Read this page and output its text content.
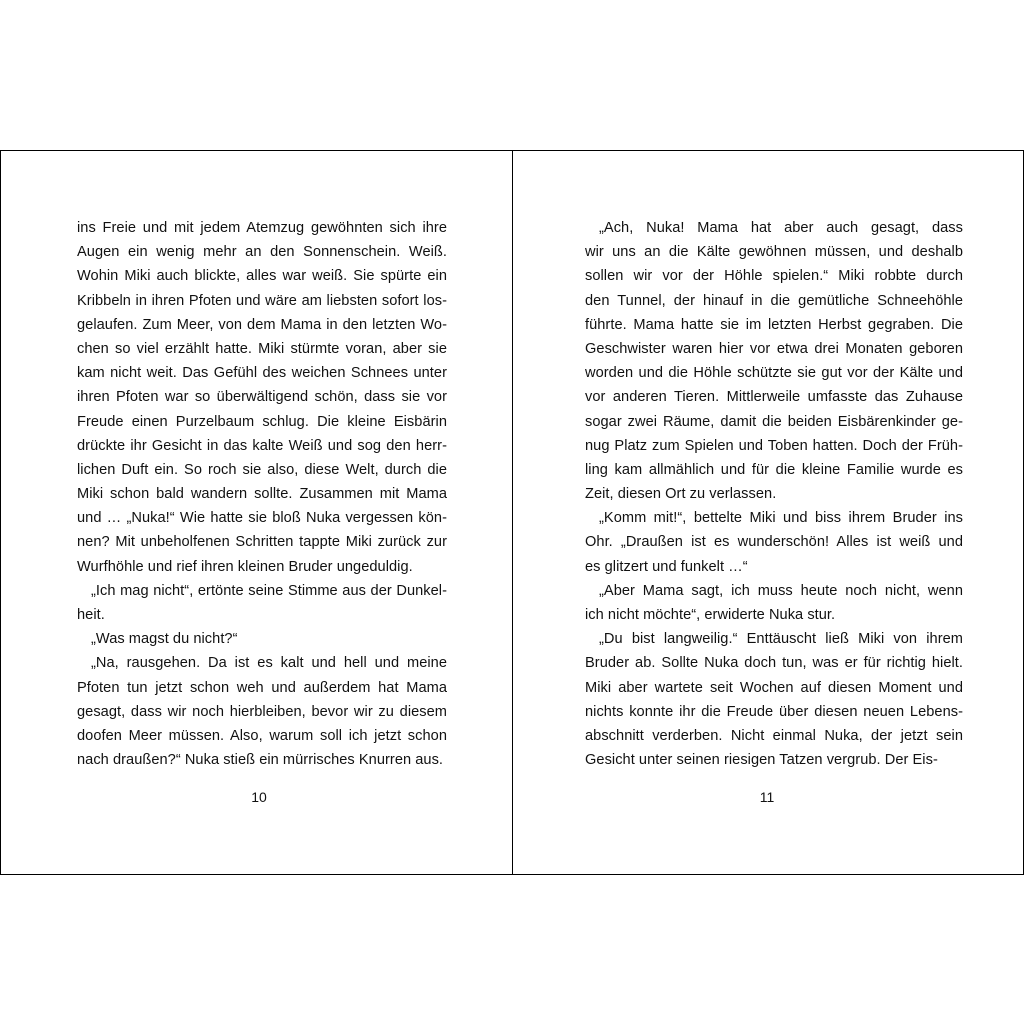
ins Freie und mit jedem Atemzug gewöhnten sich ihre
Augen ein wenig mehr an den Sonnenschein. Weiß.
Wohin Miki auch blickte, alles war weiß. Sie spürte ein
Kribbeln in ihren Pfoten und wäre am liebsten sofort los-
gelaufen. Zum Meer, von dem Mama in den letzten Wo-
chen so viel erzählt hatte. Miki stürmte voran, aber sie
kam nicht weit. Das Gefühl des weichen Schnees unter
ihren Pfoten war so überwältigend schön, dass sie vor
Freude einen Purzelbaum schlug. Die kleine Eisbärin
drückte ihr Gesicht in das kalte Weiß und sog den herr-
lichen Duft ein. So roch sie also, diese Welt, durch die
Miki schon bald wandern sollte. Zusammen mit Mama
und … „Nuka!“ Wie hatte sie bloß Nuka vergessen kön-
nen? Mit unbeholfenen Schritten tappte Miki zurück zur
Wurfhöhle und rief ihren kleinen Bruder ungeduldig.
„Ich mag nicht“, ertönte seine Stimme aus der Dunkel-
heit.
„Was magst du nicht?“
„Na, rausgehen. Da ist es kalt und hell und meine
Pfoten tun jetzt schon weh und außerdem hat Mama
gesagt, dass wir noch hierbleiben, bevor wir zu diesem
doofen Meer müssen. Also, warum soll ich jetzt schon
nach draußen?“ Nuka stieß ein mürrisches Knurren aus.
10
„Ach, Nuka! Mama hat aber auch gesagt, dass
wir uns an die Kälte gewöhnen müssen, und deshalb
sollen wir vor der Höhle spielen.“ Miki robbte durch
den Tunnel, der hinauf in die gemütliche Schneehöhle
führte. Mama hatte sie im letzten Herbst gegraben. Die
Geschwister waren hier vor etwa drei Monaten geboren
worden und die Höhle schützte sie gut vor der Kälte und
vor anderen Tieren. Mittlerweile umfasste das Zuhause
sogar zwei Räume, damit die beiden Eisbärenkinder ge-
nug Platz zum Spielen und Toben hatten. Doch der Früh-
ling kam allmählich und für die kleine Familie wurde es
Zeit, diesen Ort zu verlassen.
„Komm mit!“, bettelte Miki und biss ihrem Bruder ins
Ohr. „Draußen ist es wunderschön! Alles ist weiß und
es glitzert und funkelt …“
„Aber Mama sagt, ich muss heute noch nicht, wenn
ich nicht möchte“, erwiderte Nuka stur.
„Du bist langweilig.“ Enttäuscht ließ Miki von ihrem
Bruder ab. Sollte Nuka doch tun, was er für richtig hielt.
Miki aber wartete seit Wochen auf diesen Moment und
nichts konnte ihr die Freude über diesen neuen Lebens-
abschnitt verderben. Nicht einmal Nuka, der jetzt sein
Gesicht unter seinen riesigen Tatzen vergrub. Der Eis-
11
